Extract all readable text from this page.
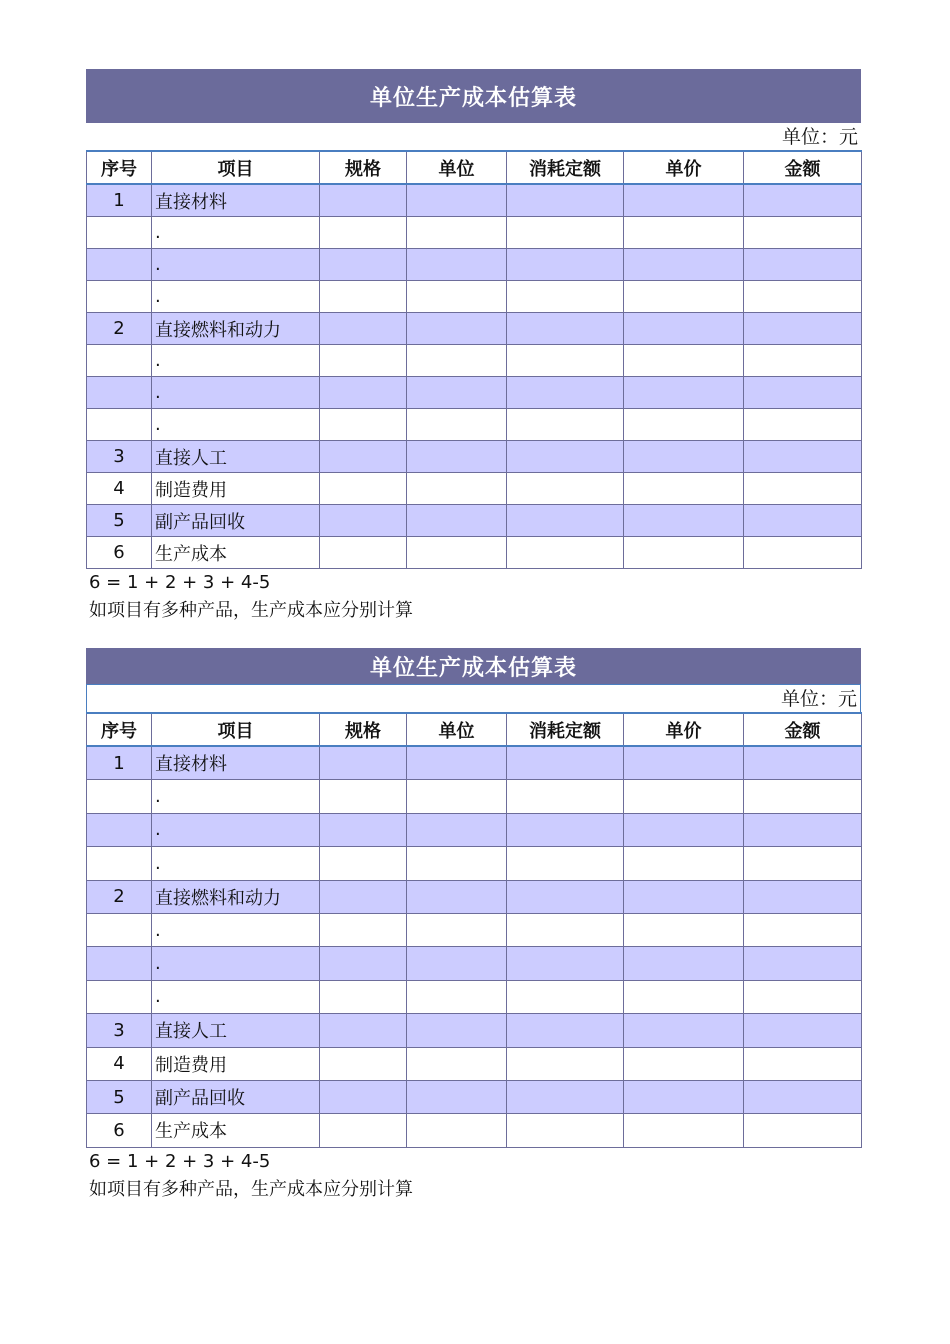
单位生产成本估算表
单位：元
序号	项目	规格	单位	消耗定额	单价	金额
1	直接材料					
	.					
	.					
	.					
2	直接燃料和动力					
	.					
	.					
	.					
3	直接人工					
4	制造费用					
5	副产品回收					
6	生产成本					
6 = 1 + 2 + 3 + 4-5
如项目有多种产品，生产成本应分别计算
单位生产成本估算表
单位：元
序号	项目	规格	单位	消耗定额	单价	金额
1	直接材料					
	.					
	.					
	.					
2	直接燃料和动力					
	.					
	.					
	.					
3	直接人工					
4	制造费用					
5	副产品回收					
6	生产成本					
6 = 1 + 2 + 3 + 4-5
如项目有多种产品，生产成本应分别计算
